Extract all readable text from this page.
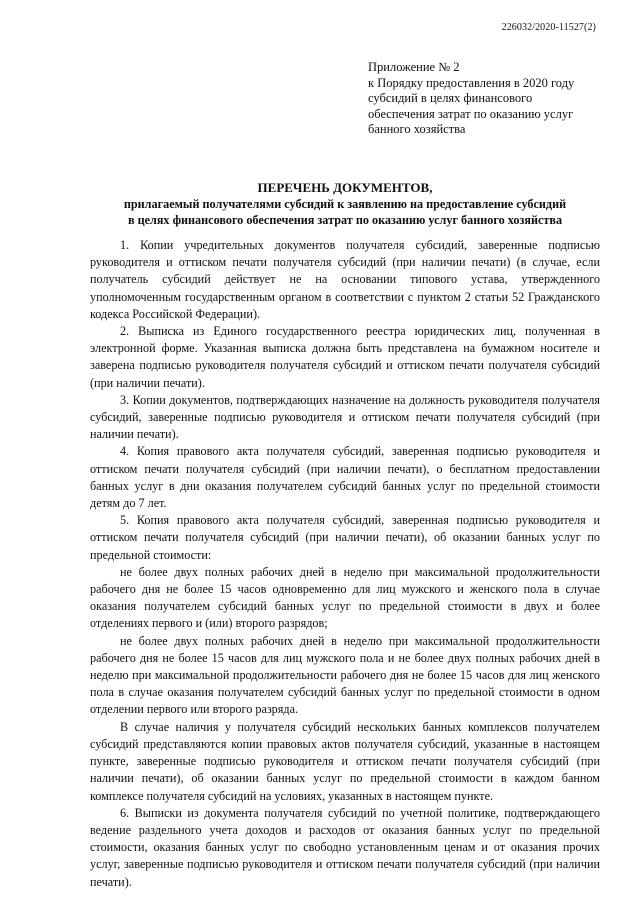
226032/2020-11527(2)
Приложение № 2
к Порядку предоставления в 2020 году
субсидий в целях финансового
обеспечения затрат по оказанию услуг
банного хозяйства
ПЕРЕЧЕНЬ ДОКУМЕНТОВ,
прилагаемый получателями субсидий к заявлению на предоставление субсидий
в целях финансового обеспечения затрат по оказанию услуг банного хозяйства

1. Копии учредительных документов получателя субсидий, заверенные подписью руководителя и оттиском печати получателя субсидий (при наличии печати) (в случае, если получатель субсидий действует не на основании типового устава, утвержденного уполномоченным государственным органом в соответствии с пунктом 2 статьи 52 Гражданского кодекса Российской Федерации).

2. Выписка из Единого государственного реестра юридических лиц, полученная в электронной форме. Указанная выписка должна быть представлена на бумажном носителе и заверена подписью руководителя получателя субсидий и оттиском печати получателя субсидий (при наличии печати).

3. Копии документов, подтверждающих назначение на должность руководителя получателя субсидий, заверенные подписью руководителя и оттиском печати получателя субсидий (при наличии печати).

4. Копия правового акта получателя субсидий, заверенная подписью руководителя и оттиском печати получателя субсидий (при наличии печати), о бесплатном предоставлении банных услуг в дни оказания получателем субсидий банных услуг по предельной стоимости детям до 7 лет.

5. Копия правового акта получателя субсидий, заверенная подписью руководителя и оттиском печати получателя субсидий (при наличии печати), об оказании банных услуг по предельной стоимости:

не более двух полных рабочих дней в неделю при максимальной продолжительности рабочего дня не более 15 часов одновременно для лиц мужского и женского пола в случае оказания получателем субсидий банных услуг по предельной стоимости в двух и более отделениях первого и (или) второго разрядов;

не более двух полных рабочих дней в неделю при максимальной продолжительности рабочего дня не более 15 часов для лиц мужского пола и не более двух полных рабочих дней в неделю при максимальной продолжительности рабочего дня не более 15 часов для лиц женского пола в случае оказания получателем субсидий банных услуг по предельной стоимости в одном отделении первого или второго разряда.

В случае наличия у получателя субсидий нескольких банных комплексов получателем субсидий представляются копии правовых актов получателя субсидий, указанные в настоящем пункте, заверенные подписью руководителя и оттиском печати получателя субсидий (при наличии печати), об оказании банных услуг по предельной стоимости в каждом банном комплексе получателя субсидий на условиях, указанных в настоящем пункте.

6. Выписки из документа получателя субсидий по учетной политике, подтверждающего ведение раздельного учета доходов и расходов от оказания банных услуг по предельной стоимости, оказания банных услуг по свободно установленным ценам и от оказания прочих услуг, заверенные подписью руководителя и оттиском печати получателя субсидий (при наличии печати).
